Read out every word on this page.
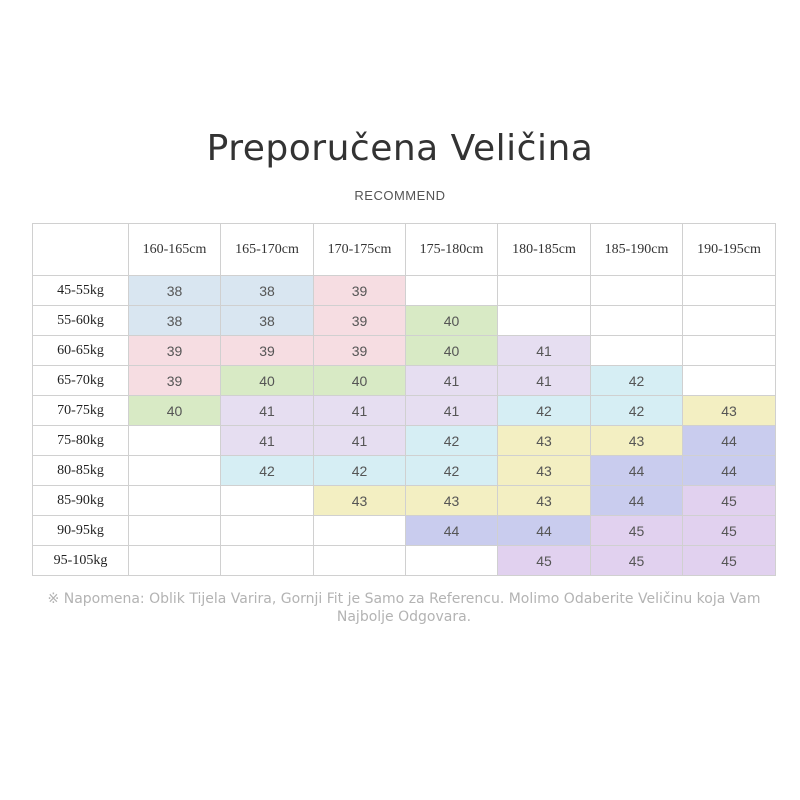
Preporučena Veličina
RECOMMEND
	160-165cm	165-170cm	170-175cm	175-180cm	180-185cm	185-190cm	190-195cm
45-55kg	38	38	39				
55-60kg	38	38	39	40			
60-65kg	39	39	39	40	41		
65-70kg	39	40	40	41	41	42	
70-75kg	40	41	41	41	42	42	43
75-80kg		41	41	42	43	43	44
80-85kg		42	42	42	43	44	44
85-90kg			43	43	43	44	45
90-95kg				44	44	45	45
95-105kg					45	45	45
※ Napomena: Oblik Tijela Varira, Gornji Fit je Samo za Referencu. Molimo Odaberite Veličinu koja Vam Najbolje Odgovara.
